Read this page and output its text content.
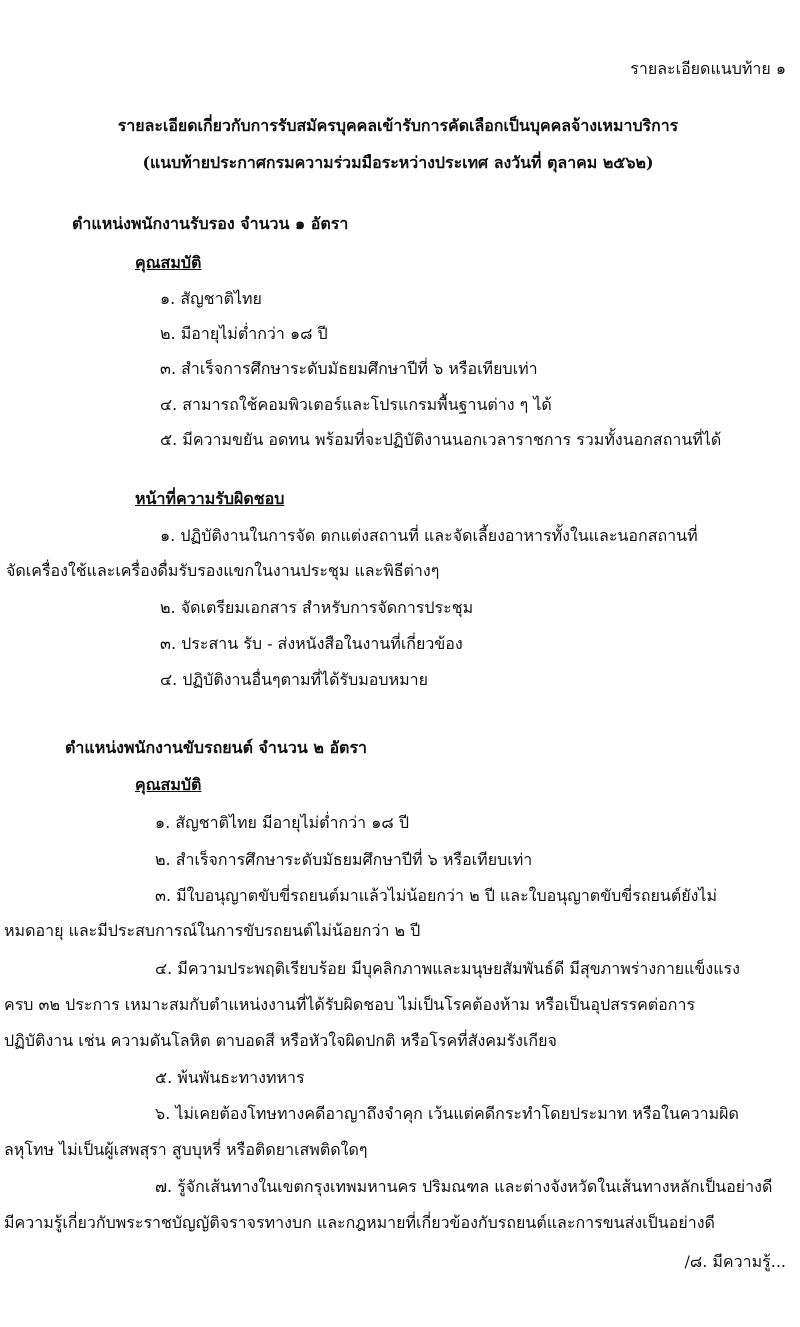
รายละเอียดแนบท้าย ๑
รายละเอียดเกี่ยวกับการรับสมัครบุคคลเข้ารับการคัดเลือกเป็นบุคคลจ้างเหมาบริการ
(แนบท้ายประกาศกรมความร่วมมือระหว่างประเทศ ลงวันที่ ตุลาคม ๒๕๖๒)
ตำแหน่งพนักงานรับรอง จำนวน ๑ อัตรา
คุณสมบัติ
๑. สัญชาติไทย
๒. มีอายุไม่ต่ำกว่า ๑๘ ปี
๓. สำเร็จการศึกษาระดับมัธยมศึกษาปีที่ ๖ หรือเทียบเท่า
๔. สามารถใช้คอมพิวเตอร์และโปรแกรมพื้นฐานต่าง ๆ ได้
๕. มีความขยัน อดทน พร้อมที่จะปฏิบัติงานนอกเวลาราชการ รวมทั้งนอกสถานที่ได้
หน้าที่ความรับผิดชอบ
๑. ปฏิบัติงานในการจัด ตกแต่งสถานที่ และจัดเลี้ยงอาหารทั้งในและนอกสถานที่
จัดเครื่องใช้และเครื่องดื่มรับรองแขกในงานประชุม และพิธีต่างๆ
๒. จัดเตรียมเอกสาร สำหรับการจัดการประชุม
๓. ประสาน รับ - ส่งหนังสือในงานที่เกี่ยวข้อง
๔. ปฏิบัติงานอื่นๆตามที่ได้รับมอบหมาย
ตำแหน่งพนักงานขับรถยนต์ จำนวน ๒ อัตรา
คุณสมบัติ
๑. สัญชาติไทย มีอายุไม่ต่ำกว่า ๑๘ ปี
๒. สำเร็จการศึกษาระดับมัธยมศึกษาปีที่ ๖ หรือเทียบเท่า
๓. มีใบอนุญาตขับขี่รถยนต์มาแล้วไม่น้อยกว่า ๒ ปี และใบอนุญาตขับขี่รถยนต์ยังไม่
หมดอายุ และมีประสบการณ์ในการขับรถยนต์ไม่น้อยกว่า ๒ ปี
๔. มีความประพฤติเรียบร้อย มีบุคลิกภาพและมนุษยสัมพันธ์ดี มีสุขภาพร่างกายแข็งแรง
ครบ ๓๒ ประการ เหมาะสมกับตำแหน่งงานที่ได้รับผิดชอบ ไม่เป็นโรคต้องห้าม หรือเป็นอุปสรรคต่อการ
ปฏิบัติงาน เช่น ความดันโลหิต ตาบอดสี หรือหัวใจผิดปกติ หรือโรคที่สังคมรังเกียจ
๕. พ้นพันธะทางทหาร
๖. ไม่เคยต้องโทษทางคดีอาญาถึงจำคุก เว้นแต่คดีกระทำโดยประมาท หรือในความผิด
ลหุโทษ ไม่เป็นผู้เสพสุรา สูบบุหรี่ หรือติดยาเสพติดใดๆ
๗. รู้จักเส้นทางในเขตกรุงเทพมหานคร ปริมณฑล และต่างจังหวัดในเส้นทางหลักเป็นอย่างดี
มีความรู้เกี่ยวกับพระราชบัญญัติจราจรทางบก และกฎหมายที่เกี่ยวข้องกับรถยนต์และการขนส่งเป็นอย่างดี
/๘. มีความรู้...
